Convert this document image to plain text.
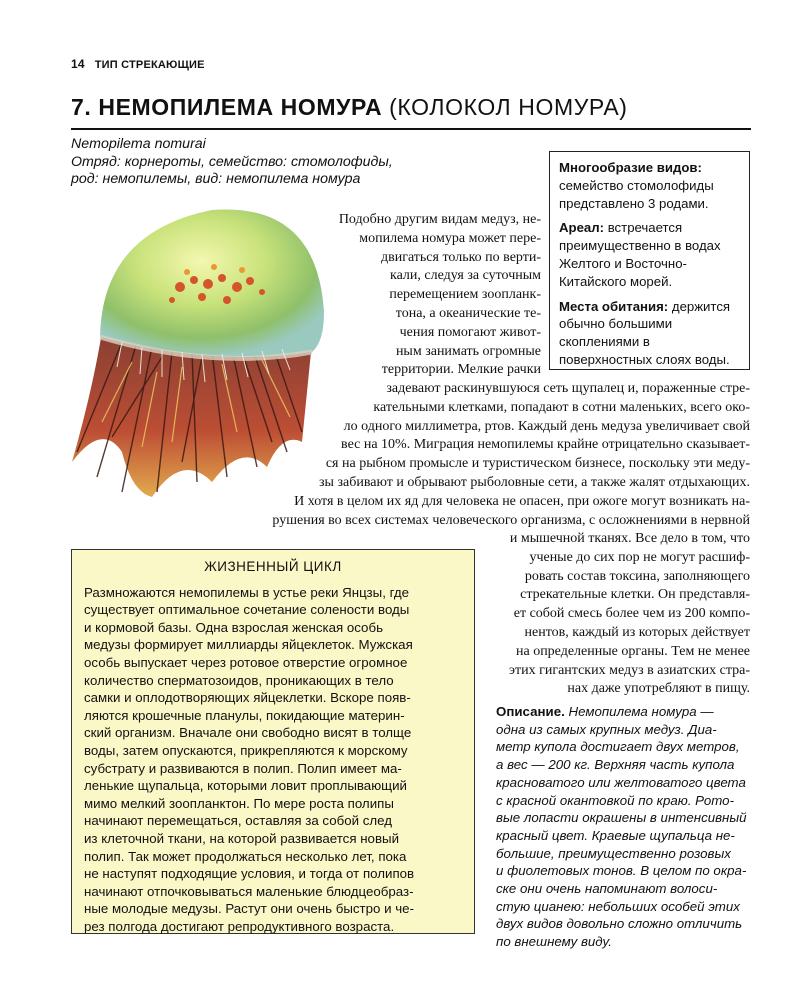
14 ТИП СТРЕКАЮЩИЕ
7. НЕМОПИЛЕМА НОМУРА (КОЛОКОЛ НОМУРА)
Nemopilema nomurai
Отряд: корнероты, семейство: стомолофиды,
род: немопилемы, вид: немопилема номура

Многообразие видов: семейство стомолофиды представлено 3 родами.

Ареал: встречается преимущественно в водах Желтого и Восточно-Китайского морей.

Места обитания: держится обычно большими скоплениями в поверхностных слоях воды.

Подобно другим видам медуз, не-
мопилема номура может пере-
двигаться только по верти-
кали, следуя за суточным
перемещением зоопланк-
тона, а океанические те-
чения помогают живот-
ным занимать огромные
территории. Мелкие рачки
задевают раскинувшуюся сеть щупалец и, пораженные стре-
кательными клетками, попадают в сотни маленьких, всего око-
ло одного миллиметра, ртов. Каждый день медуза увеличивает свой
вес на 10%. Миграция немопилемы крайне отрицательно сказывает-
ся на рыбном промысле и туристическом бизнесе, поскольку эти меду-
зы забивают и обрывают рыболовные сети, а также жалят отдыхающих.
И хотя в целом их яд для человека не опасен, при ожоге могут возникать на-
рушения во всех системах человеческого организма, с осложнениями в нервной
и мышечной тканях. Все дело в том, что
ученые до сих пор не могут расшиф-
ровать состав токсина, заполняющего
стрекательные клетки. Он представля-
ет собой смесь более чем из 200 компо-
нентов, каждый из которых действует
на определенные органы. Тем не менее
этих гигантских медуз в азиатских стра-
нах даже употребляют в пищу.
ЖИЗНЕННЫЙ ЦИКЛ
Размножаются немопилемы в устье реки Янцзы, где
существует оптимальное сочетание солености воды
и кормовой базы. Одна взрослая женская особь
медузы формирует миллиарды яйцеклеток. Мужская
особь выпускает через ротовое отверстие огромное
количество сперматозоидов, проникающих в тело
самки и оплодотворяющих яйцеклетки. Вскоре появ-
ляются крошечные планулы, покидающие материн-
ский организм. Вначале они свободно висят в толще
воды, затем опускаются, прикрепляются к морскому
субстрату и развиваются в полип. Полип имеет ма-
ленькие щупальца, которыми ловит проплывающий
мимо мелкий зоопланктон. По мере роста полипы
начинают перемещаться, оставляя за собой след
из клеточной ткани, на которой развивается новый
полип. Так может продолжаться несколько лет, пока
не наступят подходящие условия, и тогда от полипов
начинают отпочковываться маленькие блюдцеобраз-
ные молодые медузы. Растут они очень быстро и че-
рез полгода достигают репродуктивного возраста.
Описание. Немопилема номура —
одна из самых крупных медуз. Диа-
метр купола достигает двух метров,
а вес — 200 кг. Верхняя часть купола
красноватого или желтоватого цвета
с красной окантовкой по краю. Рото-
вые лопасти окрашены в интенсивный
красный цвет. Краевые щупальца не-
большие, преимущественно розовых
и фиолетовых тонов. В целом по окра-
ске они очень напоминают волоси-
стую цианею: небольших особей этих
двух видов довольно сложно отличить
по внешнему виду.
